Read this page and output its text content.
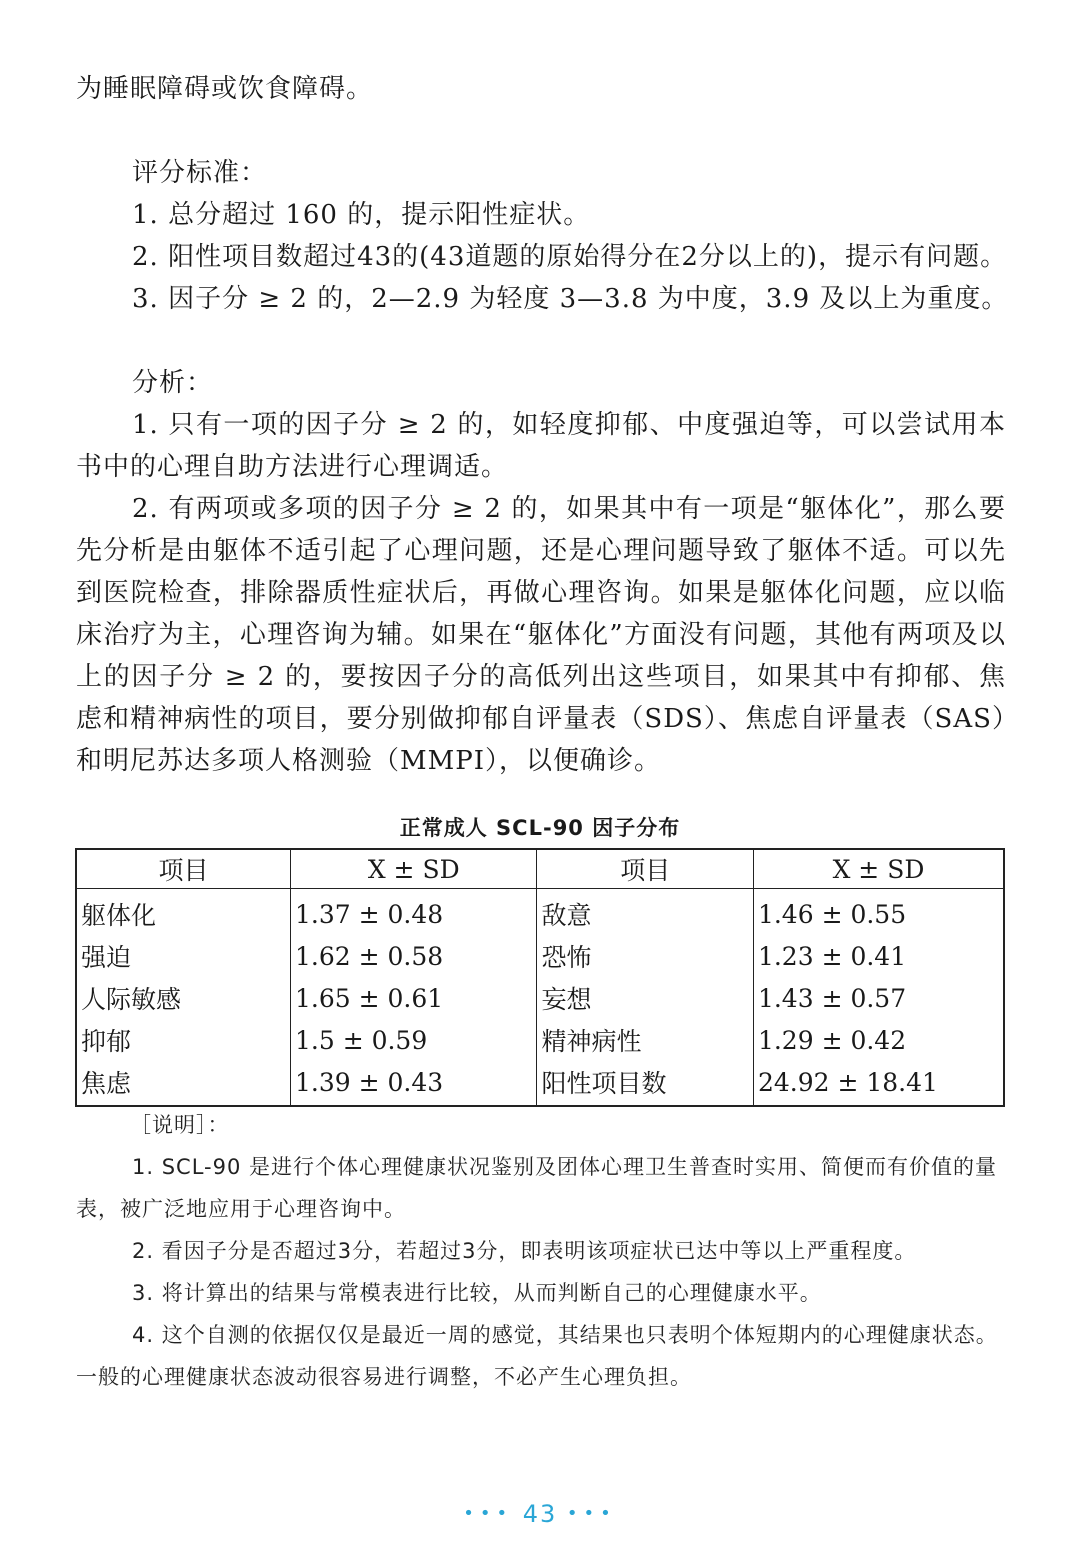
为睡眠障碍或饮食障碍。

评分标准：

1. 总分超过 160 的，提示阳性症状。

2. 阳性项目数超过43的(43道题的原始得分在2分以上的)，提示有问题。

3. 因子分 ≥ 2 的，2—2.9 为轻度 3—3.8 为中度，3.9 及以上为重度。

分析：

1. 只有一项的因子分 ≥ 2 的，如轻度抑郁、中度强迫等，可以尝试用本书中的心理自助方法进行心理调适。

2. 有两项或多项的因子分 ≥ 2 的，如果其中有一项是“躯体化”，那么要先分析是由躯体不适引起了心理问题，还是心理问题导致了躯体不适。可以先到医院检查，排除器质性症状后，再做心理咨询。如果是躯体化问题，应以临床治疗为主，心理咨询为辅。如果在“躯体化”方面没有问题，其他有两项及以上的因子分 ≥ 2 的，要按因子分的高低列出这些项目，如果其中有抑郁、焦虑和精神病性的项目，要分别做抑郁自评量表（SDS）、焦虑自评量表（SAS）和明尼苏达多项人格测验（MMPI），以便确诊。

正常成人 SCL-90 因子分布
项目	X ± SD	项目	X ± SD
躯体化	1.37 ± 0.48	敌意	1.46 ± 0.55
强迫	1.62 ± 0.58	恐怖	1.23 ± 0.41
人际敏感	1.65 ± 0.61	妄想	1.43 ± 0.57
抑郁	1.5 ± 0.59	精神病性	1.29 ± 0.42
焦虑	1.39 ± 0.43	阳性项目数	24.92 ± 18.41

［说明］：

1. SCL-90 是进行个体心理健康状况鉴别及团体心理卫生普查时实用、简便而有价值的量表，被广泛地应用于心理咨询中。

2. 看因子分是否超过3分，若超过3分，即表明该项症状已达中等以上严重程度。

3. 将计算出的结果与常模表进行比较，从而判断自己的心理健康水平。

4. 这个自测的依据仅仅是最近一周的感觉，其结果也只表明个体短期内的心理健康状态。一般的心理健康状态波动很容易进行调整，不必产生心理负担。

••• 43 •••
